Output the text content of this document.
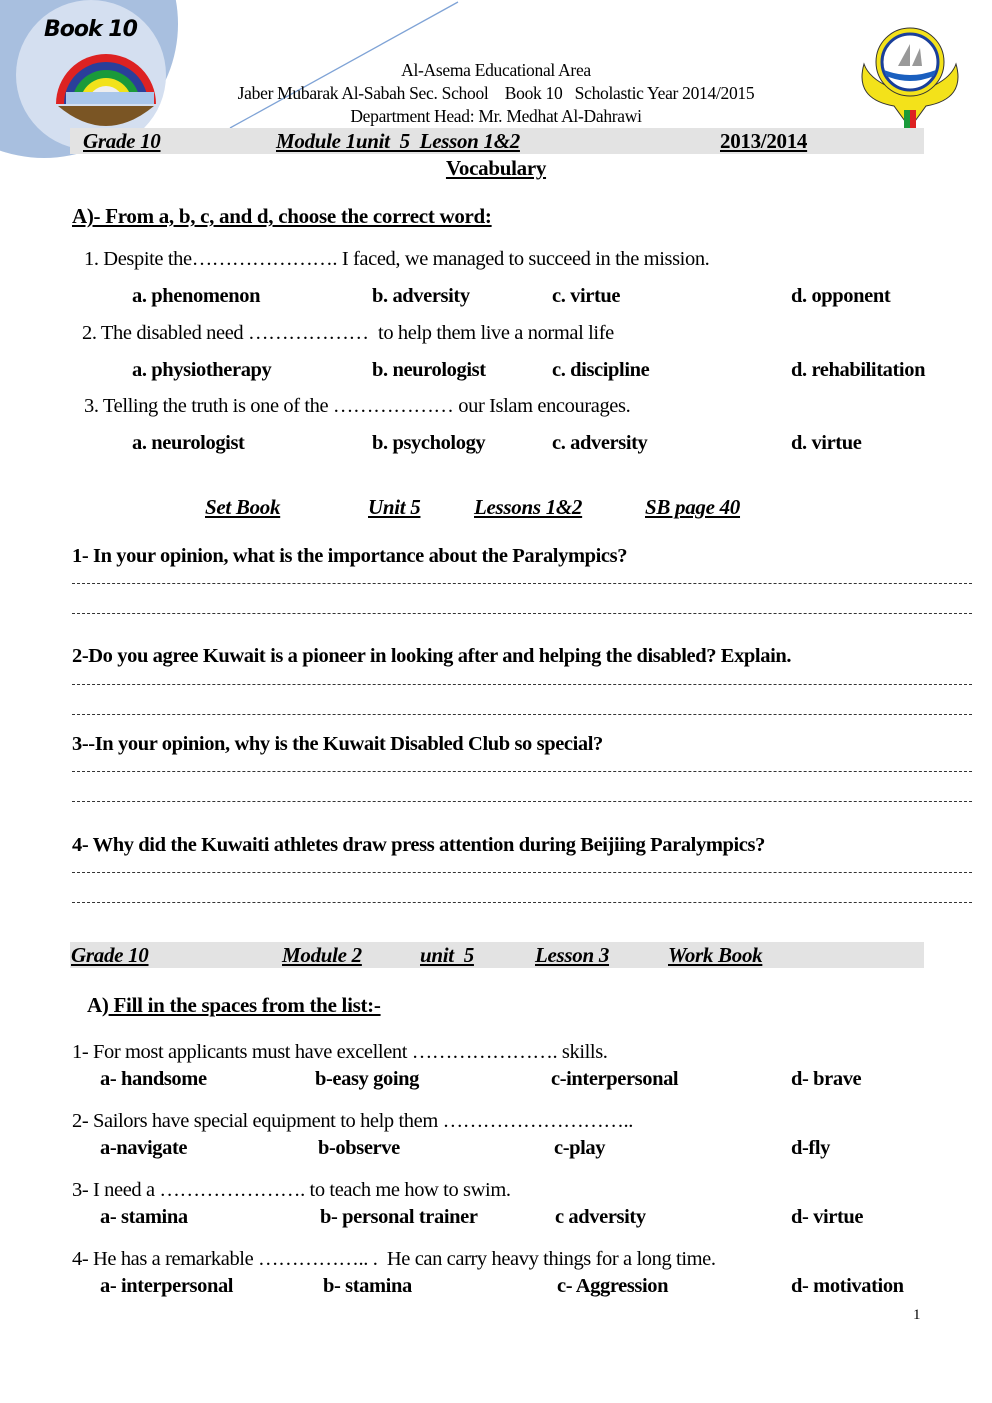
Book 10
Al-Asema Educational Area
Jaber Mubarak Al-Sabah Sec. School    Book 10   Scholastic Year 2014/2015
Department Head: Mr. Medhat Al-Dahrawi
Grade 10	Module 1unit  5  Lesson 1&2	2013/2014
Vocabulary
A)- From a, b, c, and d, choose the correct word:
1. Despite the…………………. I faced, we managed to succeed in the mission.
a. phenomenon	b. adversity	c. virtue	d. opponent
2. The disabled need ………………  to help them live a normal life
a. physiotherapy	b. neurologist	c. discipline	d. rehabilitation
3. Telling the truth is one of the ……………… our Islam encourages.
a. neurologist	b. psychology	c. adversity	d. virtue
Set Book	Unit 5	Lessons 1&2	SB page 40
1- In your opinion, what is the importance about the Paralympics?
2-Do you agree Kuwait is a pioneer in looking after and helping the disabled? Explain.
3--In your opinion, why is the Kuwait Disabled Club so special?
4- Why did the Kuwaiti athletes draw press attention during Beijiing Paralympics?
Grade 10	Module 2	unit  5	Lesson 3	Work Book
A) Fill in the spaces from the list:-
1- For most applicants must have excellent …………………. skills.
a- handsome	b-easy going	c-interpersonal	d- brave
2- Sailors have special equipment to help them ………………………..
a-navigate	b-observe	c-play	d-fly
3- I need a …………………. to teach me how to swim.
a- stamina	b- personal trainer	c adversity	d- virtue
4- He has a remarkable …………….. .  He can carry heavy things for a long time.
a- interpersonal	b- stamina	c- Aggression	d- motivation
1
